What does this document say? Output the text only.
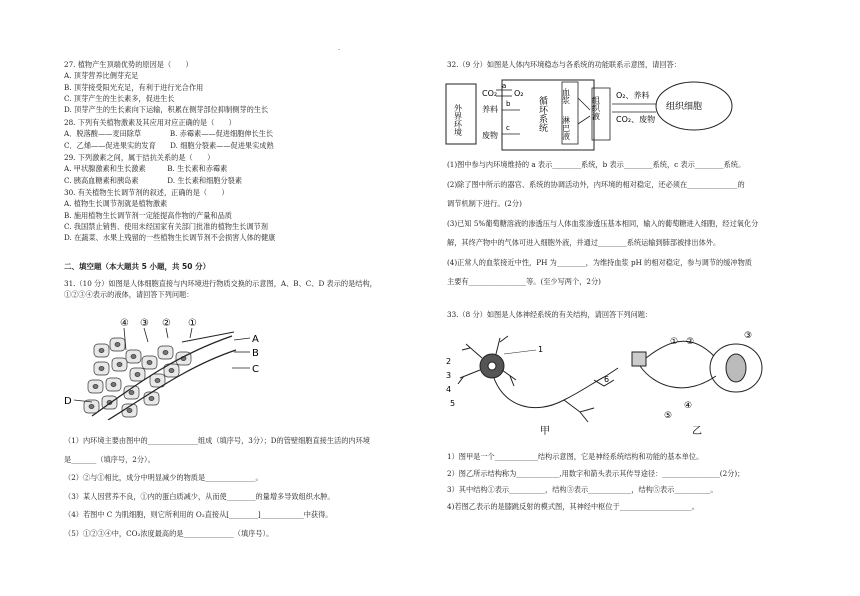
.
27. 植物产生顶端优势的原因是（　　）
A. 顶芽营养比侧芽充足
B. 顶芽接受阳光充足，有利于进行光合作用
C. 顶芽产生的生长素多，促进生长
D. 顶芽产生的生长素向下运输，积累在侧芽部位抑制侧芽的生长
28. 下列有关植物激素及其应用对应正确的是（　　）
A．脱落酸——麦田除草　　　　B. 赤霉素——促进细胞伸长生长
C．乙烯——促进果实的发育　　D. 细胞分裂素——促进果实成熟
29. 下列激素之间，属于拮抗关系的是（　　）
A. 甲状腺激素和生长激素　　　B. 生长素和赤霉素
C. 胰高血糖素和胰岛素　　　　D. 生长素和细胞分裂素
30. 有关植物生长调节剂的叙述，正确的是（　　）
A. 植物生长调节剂就是植物激素
B. 施用植物生长调节剂一定能提高作物的产量和品质
C. 我国禁止销售、使用未经国家有关部门批准的植物生长调节剂
D. 在蔬菜、水果上残留的一些植物生长调节剂不会损害人体的健康
二、填空题（本大题共 5 小题，共 50 分）
31.（10 分）如图是人体细胞直接与内环境进行物质交换的示意图，A、B、C、D 表示的是结构，
①②③④表示的液体，请回答下列问题：
④ ③ ② ①
A
B
C
D
（1）内环境主要由图中的______________组成（填序号，3分）；D的管壁细胞直接生活的内环境
是_______（填序号，2分）。
（2）②与①相比，成分中明显减少的物质是______________。
（3）某人因营养不良，①内的蛋白质减少，从而使________的量增多导致组织水肿。
（4）若图中 C 为肌细胞，则它所利用的 O₂直接从[________]____________中获得。
（5）①②③④中，CO₂浓度最高的是______________（填序号）。
32.（9 分）如图是人体内环境稳态与各系统的功能联系示意图，请回答：
外界环境
CO₂ O₂
a
养料
b
废物
c	循环系统 血浆
淋巴液
组织液
O₂、养料
CO₂、废物
组织细胞
(1)图中参与内环境维持的 a 表示________系统，b 表示________系统，c 表示________系统。
(2)除了图中所示的器官、系统的协调活动外，内环境的相对稳定，还必须在______________的
调节机制下进行。(2分)
(3)已知 5%葡萄糖溶液的渗透压与人体血浆渗透压基本相同，输入的葡萄糖进入细胞，经过氧化分
解，其终产物中的气体可进入细胞外液，并通过________系统运输到肺部被排出体外。
(4)正常人的血浆接近中性，PH 为________，为维持血浆 pH 的相对稳定，参与调节的缓冲物质
主要有________________等。(至少写两个，2分)
33.（8 分）如图是人体神经系统的有关结构，请回答下列问题：
1
2
3
4
5
6
甲
① ②
③
④
⑤
乙
1）图甲是一个____________结构示意图，它是神经系统结构和功能的基本单位。
2）图乙所示结构称为____________,用数字和箭头表示其传导途径：________________(2分)；
3）其中结构①表示__________，结构③表示____________，结构⑤表示__________。
4)若图乙表示的是膝跳反射的模式图，其神经中枢位于____________________。
